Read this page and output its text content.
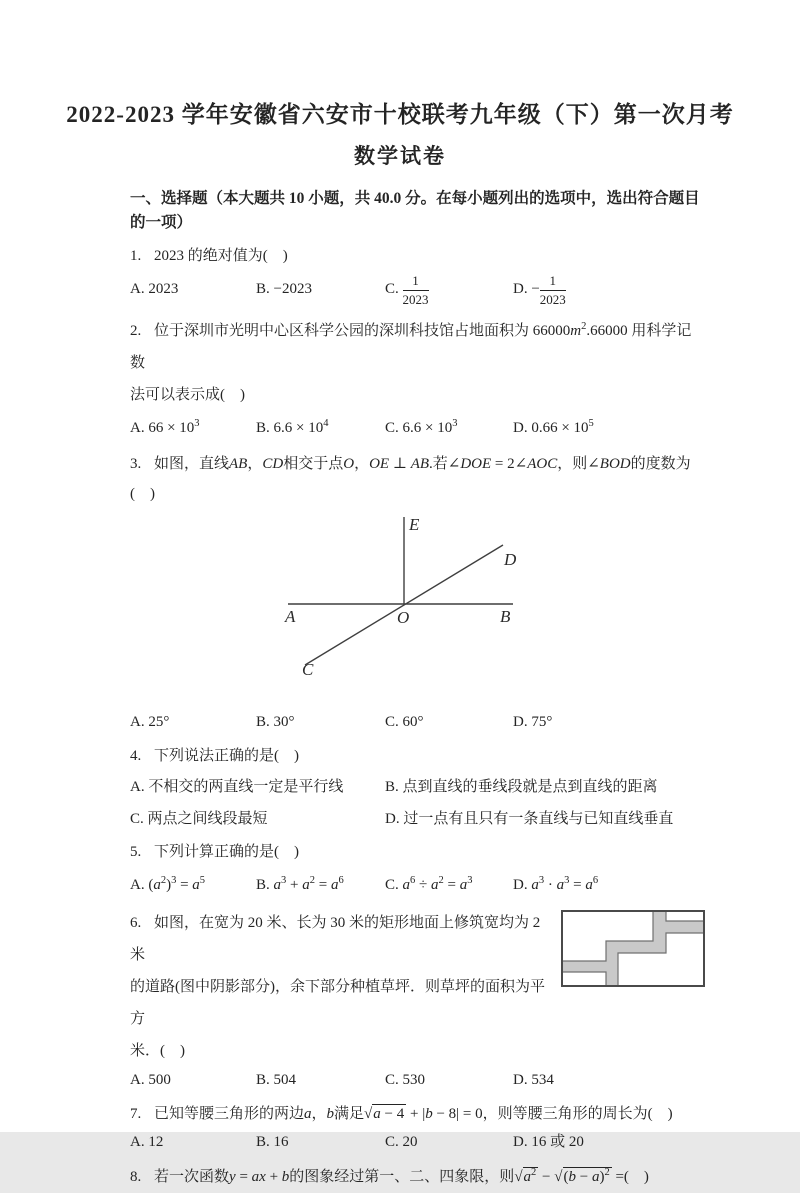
2022-2023 学年安徽省六安市十校联考九年级（下）第一次月考
数学试卷

一、选择题（本大题共 10 小题，共 40.0 分。在每小题列出的选项中，选出符合题目的一项）

1. 2023 的绝对值为(　)

A. 2023	B. −2023	C. $\frac{1}{2023}$	D. − $\frac{1}{2023}$

2. 位于深圳市光明中心区科学公园的深圳科技馆占地面积为 $66000m^2.66000$ 用科学记数
法可以表示成(　)

A. $66 \times 10^3$	B. $6.6 \times 10^4$	C. $6.6 \times 10^3$	D. $0.66 \times 10^5$

3. 如图，直线AB，CD相交于点O，OE ⊥ AB.若∠DOE = 2∠AOC，则∠BOD的度数为(　)

E
D
A	O	B
C
A. 25°	B. 30°	C. 60°	D. 75°

4. 下列说法正确的是(　)

A. 不相交的两直线一定是平行线	B. 点到直线的垂线段就是点到直线的距离
C. 两点之间线段最短	D. 过一点有且只有一条直线与已知直线垂直

5. 下列计算正确的是(　)

A. $(a^2)^3 = a^5$	B. $a^3 + a^2 = a^6$	C. $a^6 \div a^2 = a^3$	D. $a^3 \cdot a^3 = a^6$

6. 如图，在宽为 20 米、长为 30 米的矩形地面上修筑宽均为 2 米
的道路(图中阴影部分)，余下部分种植草坪．则草坪的面积为平方
米．(　)

A. 500	B. 504	C. 530	D. 534

7. 已知等腰三角形的两边a，b满足√a − 4 + |b − 8| = 0，则等腰三角形的周长为(　)

A. 12	B. 16	C. 20	D. 16 或 20

8. 若一次函数y = ax + b的图象经过第一、二、四象限，则$√a^2 - √(b - a)^2$ =(　)
